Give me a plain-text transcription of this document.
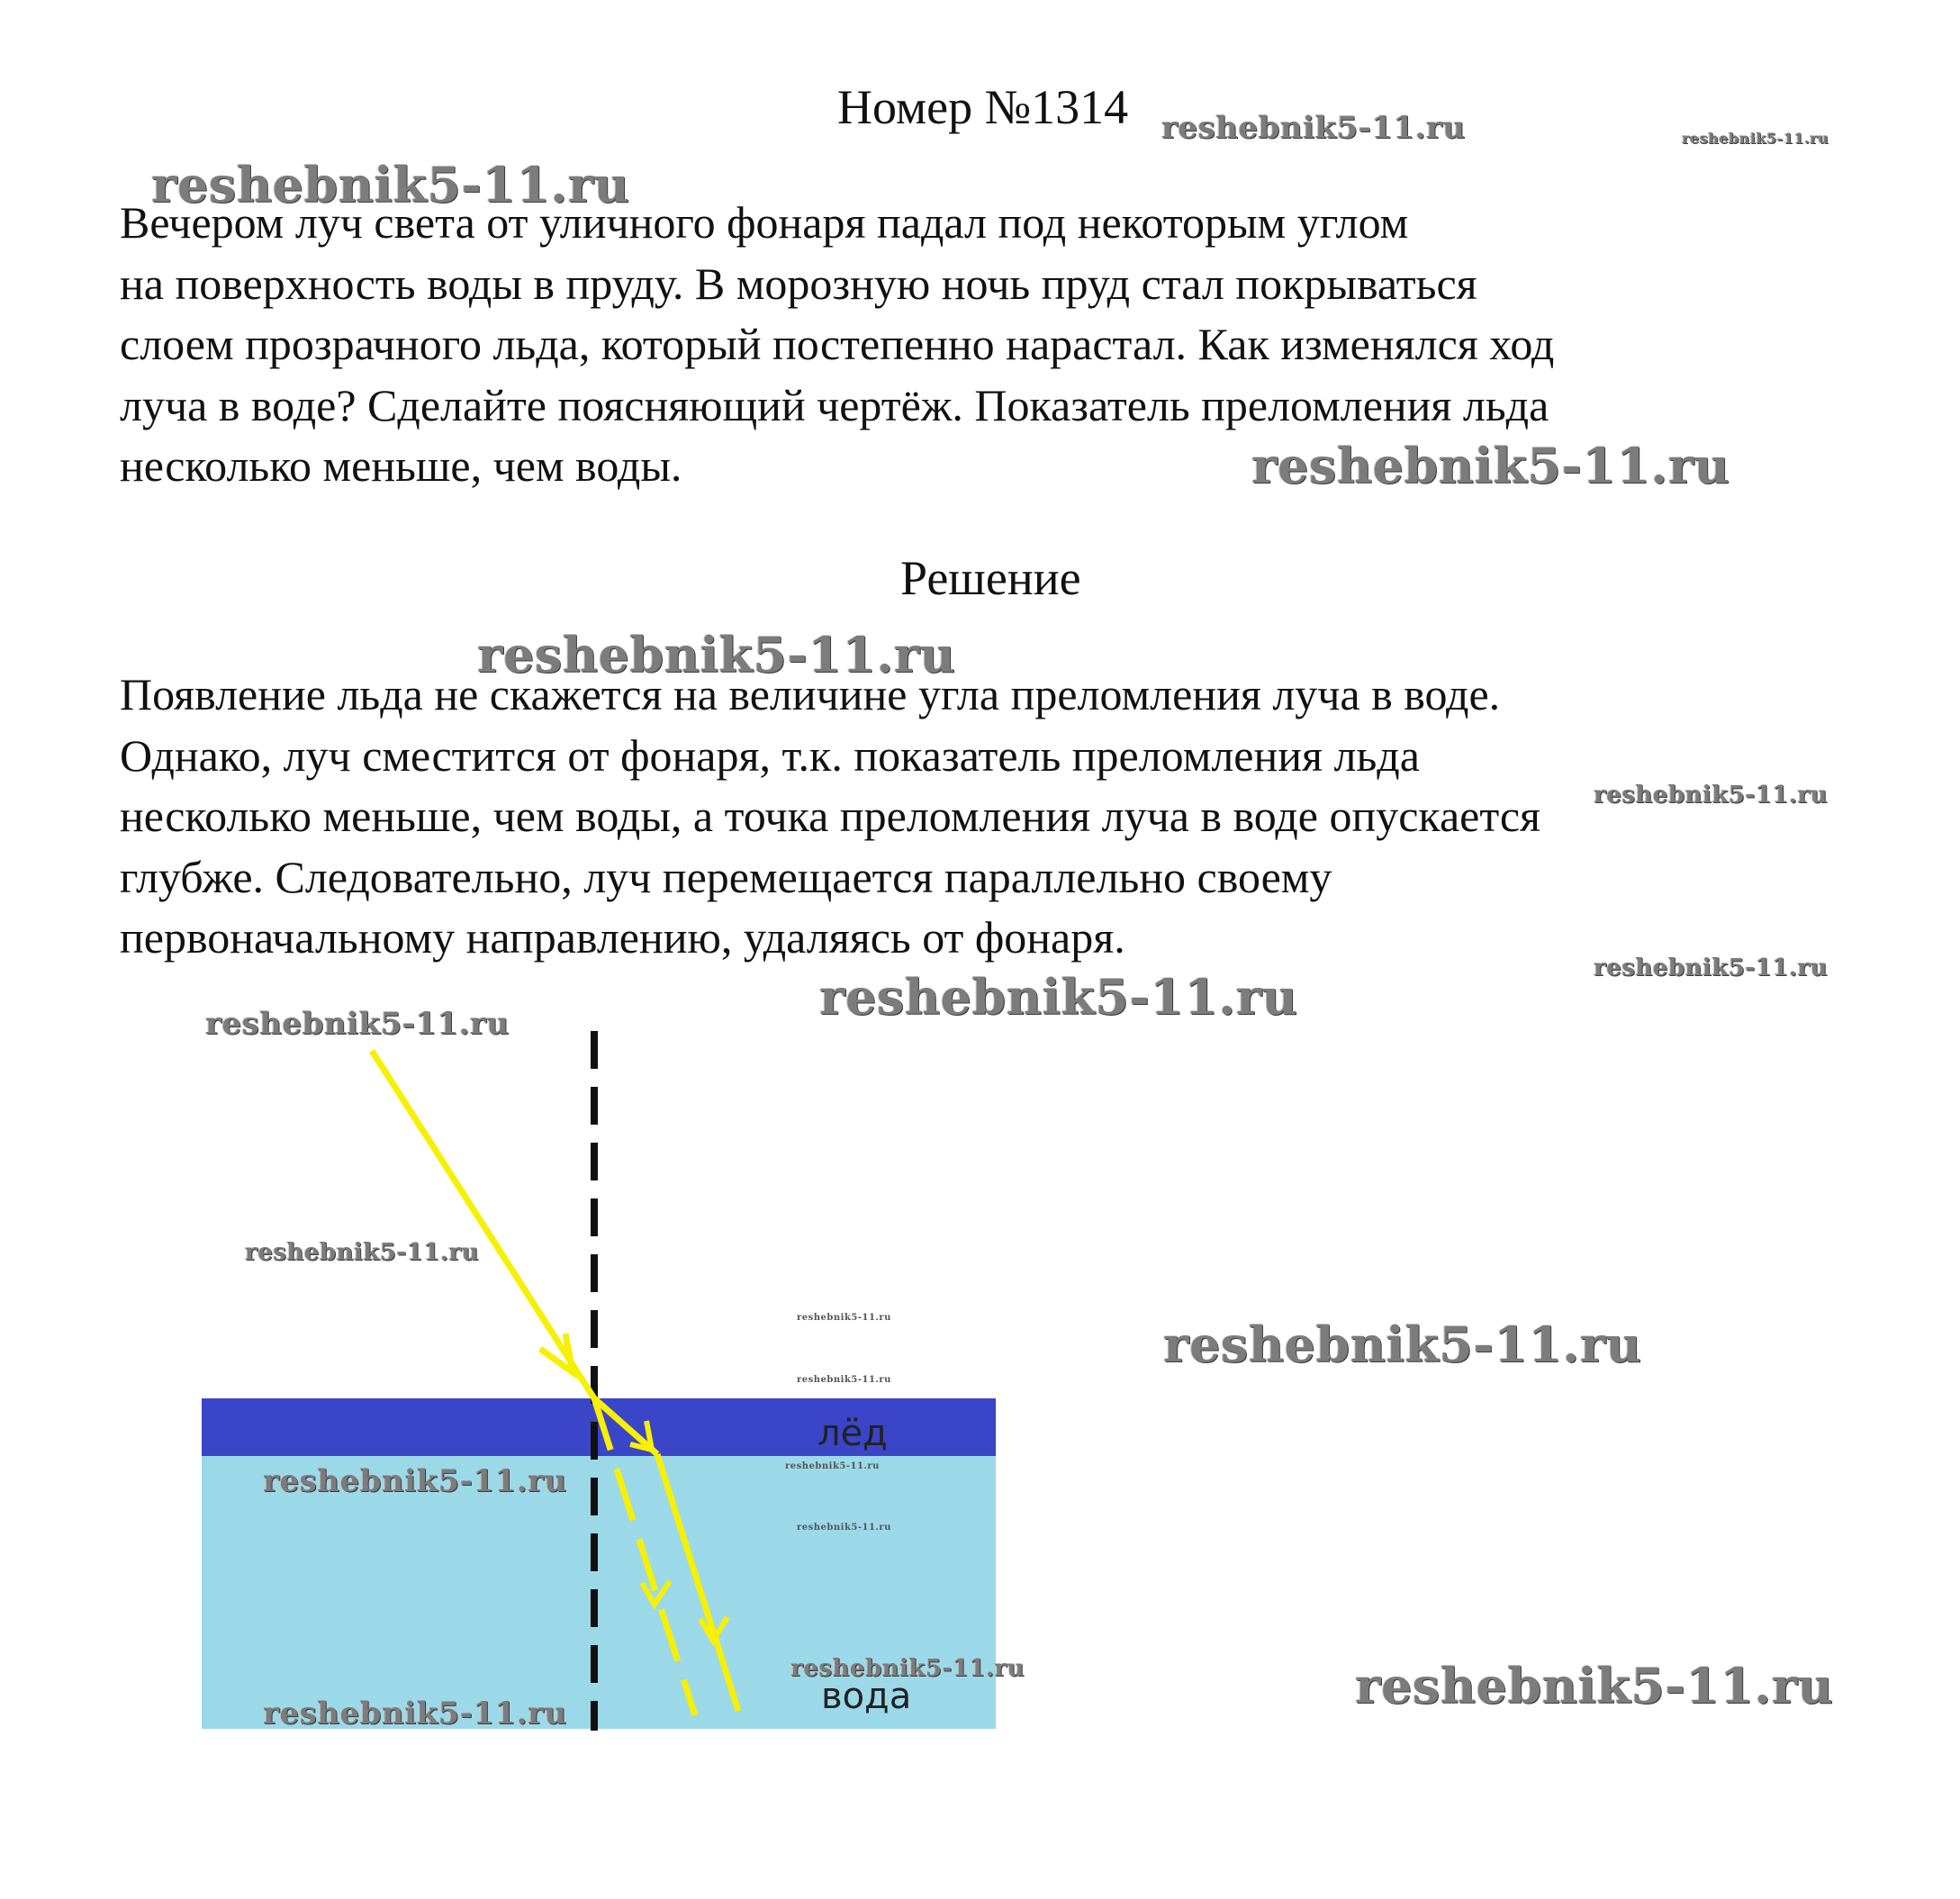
Номер №1314
Вечером луч света от уличного фонаря падал под некоторым углом
на поверхность воды в пруду. В морозную ночь пруд стал покрываться
слоем прозрачного льда, который постепенно нарастал. Как изменялся ход
луча в воде? Сделайте поясняющий чертёж. Показатель преломления льда
несколько меньше, чем воды.
Решение
Появление льда не скажется на величине угла преломления луча в воде.
Однако, луч сместится от фонаря, т.к. показатель преломления льда
несколько меньше, чем воды, а точка преломления луча в воде опускается
глубже. Следовательно, луч перемещается параллельно своему
первоначальному направлению, удаляясь от фонаря.
лёд
вода
reshebnik5-11.ru	reshebnik5-11.ru
reshebnik5-11.ru
reshebnik5-11.ru
reshebnik5-11.ru
reshebnik5-11.ru
reshebnik5-11.ru
reshebnik5-11.ru
reshebnik5-11.ru
reshebnik5-11.ru
reshebnik5-11.ru	reshebnik5-11.ru
reshebnik5-11.ru
reshebnik5-11.ru
reshebnik5-11.ru
reshebnik5-11.ru
reshebnik5-11.ru	reshebnik5-11.ru
reshebnik5-11.ru
